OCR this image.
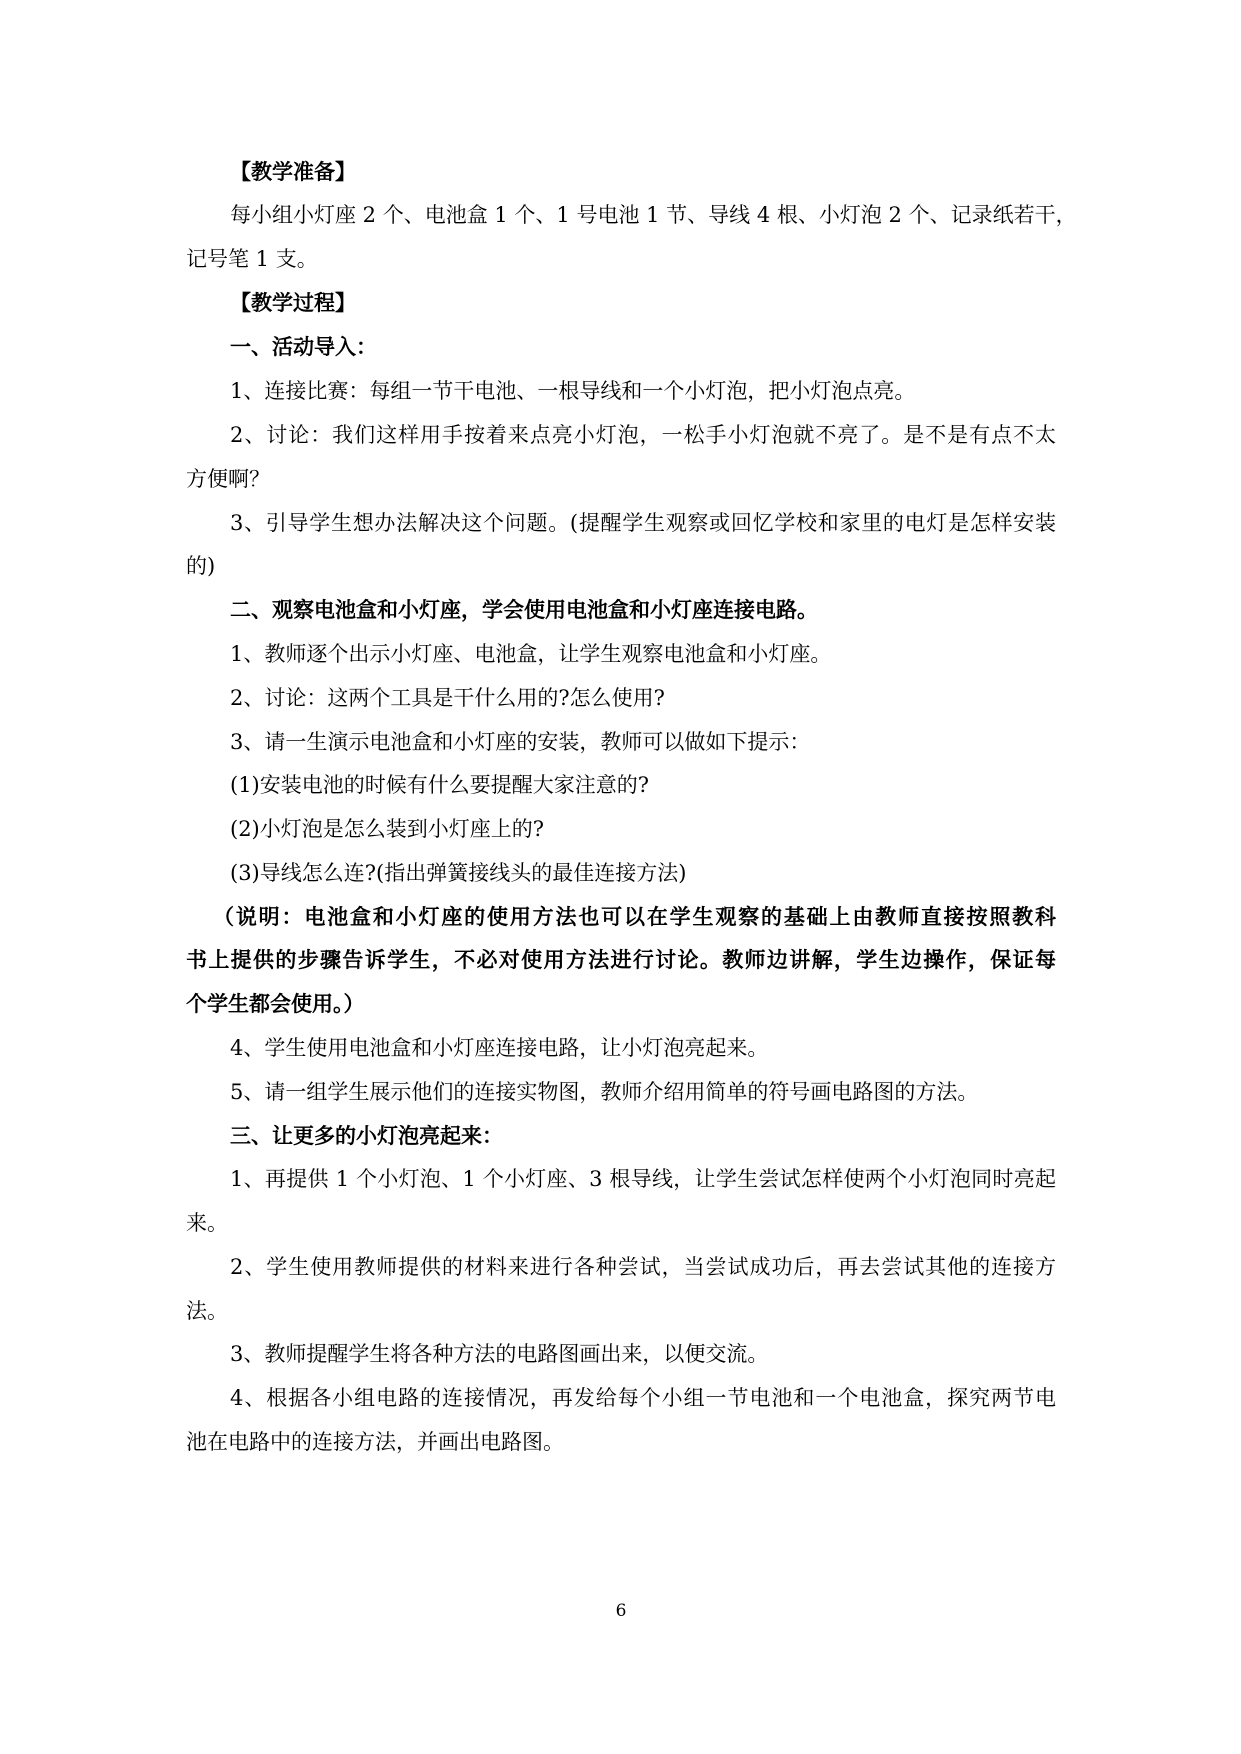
【教学准备】
每小组小灯座 2 个、电池盒 1 个、1 号电池 1 节、导线 4 根、小灯泡 2 个、记录纸若干，
记号笔 1 支。
【教学过程】
一、活动导入：
1、连接比赛：每组一节干电池、一根导线和一个小灯泡，把小灯泡点亮。
2、讨论：我们这样用手按着来点亮小灯泡，一松手小灯泡就不亮了。是不是有点不太
方便啊？
3、引导学生想办法解决这个问题。(提醒学生观察或回忆学校和家里的电灯是怎样安装
的)
二、观察电池盒和小灯座，学会使用电池盒和小灯座连接电路。
1、教师逐个出示小灯座、电池盒，让学生观察电池盒和小灯座。
2、讨论：这两个工具是干什么用的?怎么使用?
3、请一生演示电池盒和小灯座的安装，教师可以做如下提示：
(1)安装电池的时候有什么要提醒大家注意的?
(2)小灯泡是怎么装到小灯座上的?
(3)导线怎么连?(指出弹簧接线头的最佳连接方法)
（说明：电池盒和小灯座的使用方法也可以在学生观察的基础上由教师直接按照教科
书上提供的步骤告诉学生，不必对使用方法进行讨论。教师边讲解，学生边操作，保证每
个学生都会使用。）
4、学生使用电池盒和小灯座连接电路，让小灯泡亮起来。
5、请一组学生展示他们的连接实物图，教师介绍用简单的符号画电路图的方法。
三、让更多的小灯泡亮起来：
1、再提供 1 个小灯泡、1 个小灯座、3 根导线，让学生尝试怎样使两个小灯泡同时亮起
来。
2、学生使用教师提供的材料来进行各种尝试，当尝试成功后，再去尝试其他的连接方
法。
3、教师提醒学生将各种方法的电路图画出来，以便交流。
4、根据各小组电路的连接情况，再发给每个小组一节电池和一个电池盒，探究两节电
池在电路中的连接方法，并画出电路图。
6
